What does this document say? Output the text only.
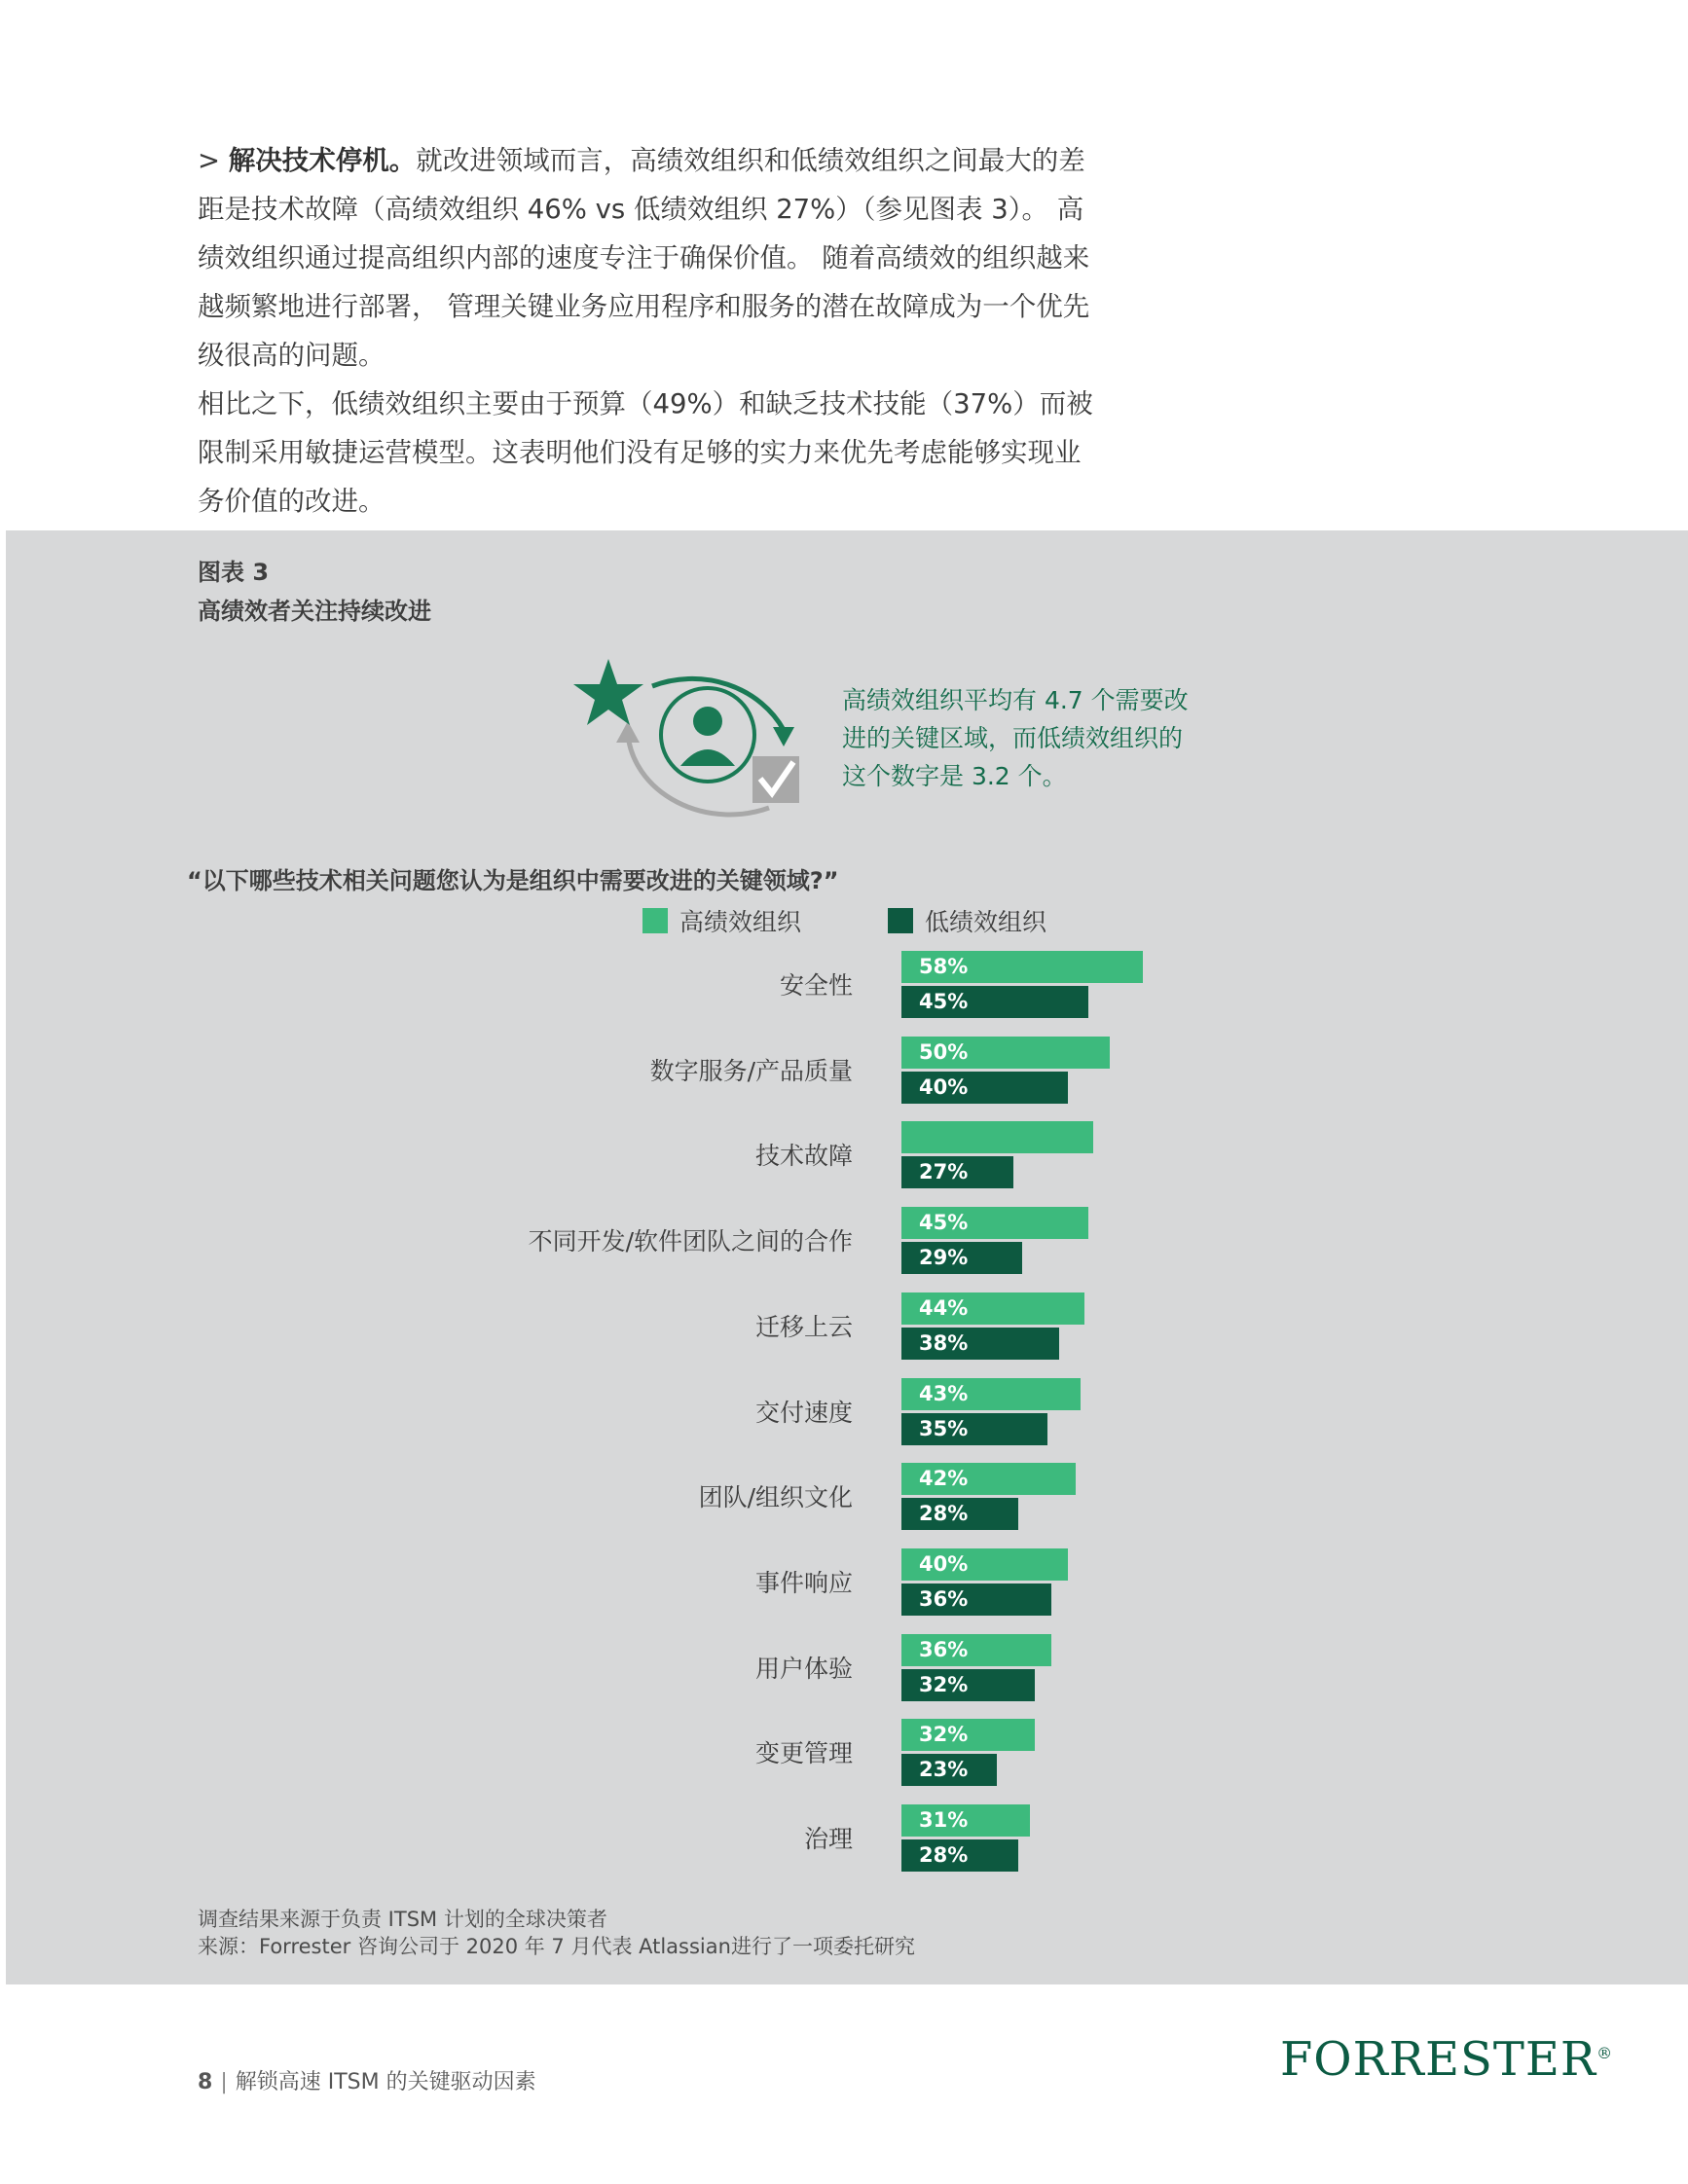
> 解决技术停机。就改进领域而言，高绩效组织和低绩效组织之间最大的差距是技术故障（高绩效组织 46% vs 低绩效组织 27%）（参见图表 3）。 高绩效组织通过提高组织内部的速度专注于确保价值。 随着高绩效的组织越来越频繁地进行部署， 管理关键业务应用程序和服务的潜在故障成为一个优先级很高的问题。

相比之下，低绩效组织主要由于预算（49%）和缺乏技术技能（37%）而被限制采用敏捷运营模型。这表明他们没有足够的实力来优先考虑能够实现业务价值的改进。

图表 3
高绩效者关注持续改进
高绩效组织平均有 4.7 个需要改进的关键区域，而低绩效组织的这个数字是 3.2 个。
“以下哪些技术相关问题您认为是组织中需要改进的关键领域?”
高绩效组织	低绩效组织
安全性
58%
45%
数字服务/产品质量
50%
40%
技术故障
27%
不同开发/软件团队之间的合作
45%
29%
迁移上云
44%
38%
交付速度
43%
35%
团队/组织文化
42%
28%
事件响应
40%
36%
用户体验
36%
32%
变更管理
32%
23%
治理
31%
28%
调查结果来源于负责 ITSM 计划的全球决策者
来源：Forrester 咨询公司于 2020 年 7 月代表 Atlassian进行了一项委托研究
8 | 解锁高速 ITSM 的关键驱动因素	FORRESTER®
